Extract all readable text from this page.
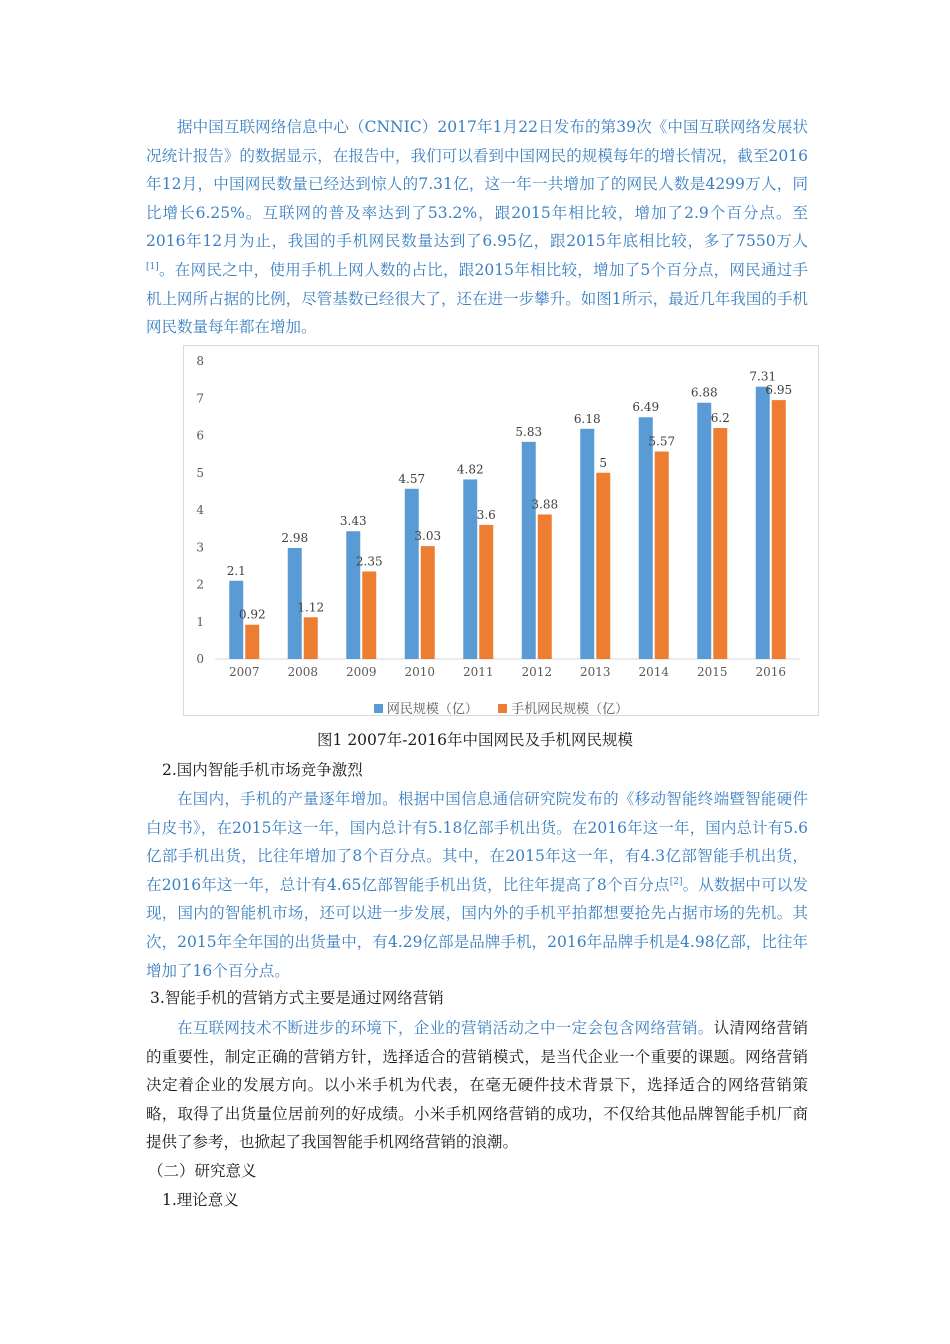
据中国互联网络信息中心（CNNIC）2017年1月22日发布的第39次《中国互联网络发展状况统计报告》的数据显示，在报告中，我们可以看到中国网民的规模每年的增长情况，截至2016年12月，中国网民数量已经达到惊人的7.31亿，这一年一共增加了的网民人数是4299万人，同比增长6.25%。互联网的普及率达到了53.2%，跟2015年相比较，增加了2.9个百分点。至2016年12月为止，我国的手机网民数量达到了6.95亿，跟2015年底相比较，多了7550万人[1]。在网民之中，使用手机上网人数的占比，跟2015年相比较，增加了5个百分点，网民通过手机上网所占据的比例，尽管基数已经很大了，还在进一步攀升。如图1所示，最近几年我国的手机网民数量每年都在增加。

0
1
2
3
4
5
6
7
8
2.1
0.92
2007
2.98
1.12
2008
3.43
2.35
2009
4.57
3.03
2010
4.82
3.6
2011
5.83
3.88
2012
6.18
5
2013
6.49
5.57
2014
6.88
6.2
2015
7.31
6.95
2016
网民规模（亿）	手机网民规模（亿）
图1 2007年-2016年中国网民及手机网民规模
2.国内智能手机市场竞争激烈

在国内，手机的产量逐年增加。根据中国信息通信研究院发布的《移动智能终端暨智能硬件白皮书》，在2015年这一年，国内总计有5.18亿部手机出货。在2016年这一年，国内总计有5.6亿部手机出货，比往年增加了8个百分点。其中，在2015年这一年，有4.3亿部智能手机出货，在2016年这一年，总计有4.65亿部智能手机出货，比往年提高了8个百分点[2]。从数据中可以发现，国内的智能机市场，还可以进一步发展，国内外的手机平拍都想要抢先占据市场的先机。其次，2015年全年国的出货量中，有4.29亿部是品牌手机，2016年品牌手机是4.98亿部，比往年增加了16个百分点。

3.智能手机的营销方式主要是通过网络营销

在互联网技术不断进步的环境下，企业的营销活动之中一定会包含网络营销。认清网络营销的重要性，制定正确的营销方针，选择适合的营销模式，是当代企业一个重要的课题。网络营销决定着企业的发展方向。以小米手机为代表，在毫无硬件技术背景下，选择适合的网络营销策略，取得了出货量位居前列的好成绩。小米手机网络营销的成功，不仅给其他品牌智能手机厂商提供了参考，也掀起了我国智能手机网络营销的浪潮。

（二）研究意义
1.理论意义
